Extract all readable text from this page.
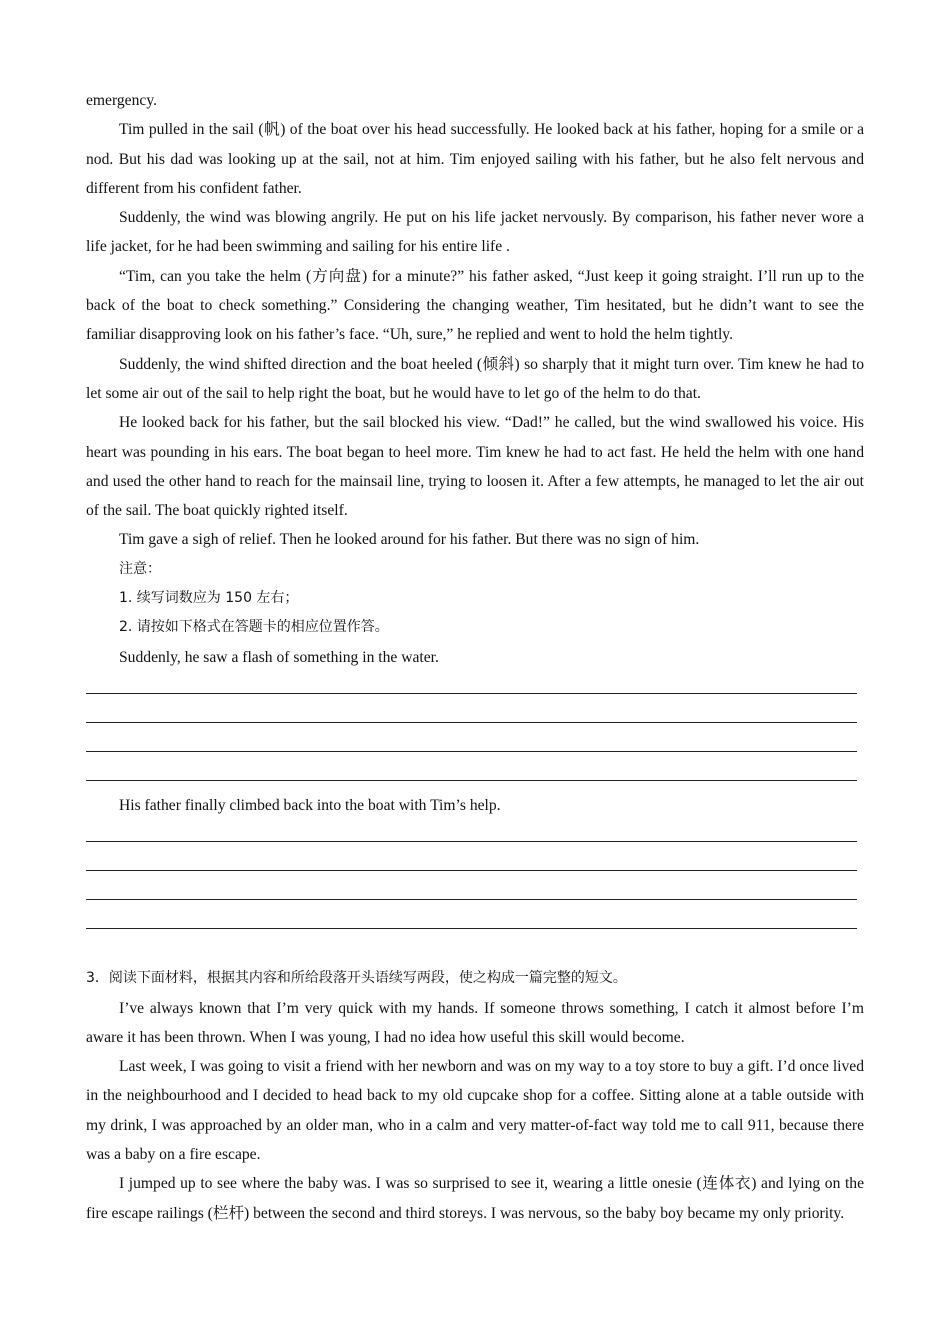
emergency.

Tim pulled in the sail (帆) of the boat over his head successfully. He looked back at his father, hoping for a smile or a nod. But his dad was looking up at the sail, not at him. Tim enjoyed sailing with his father, but he also felt nervous and different from his confident father.

Suddenly, the wind was blowing angrily. He put on his life jacket nervously. By comparison, his father never wore a life jacket, for he had been swimming and sailing for his entire life .

“Tim, can you take the helm (方向盘) for a minute?” his father asked, “Just keep it going straight. I’ll run up to the back of the boat to check something.” Considering the changing weather, Tim hesitated, but he didn’t want to see the familiar disapproving look on his father’s face. “Uh, sure,” he replied and went to hold the helm tightly.

Suddenly, the wind shifted direction and the boat heeled (倾斜) so sharply that it might turn over. Tim knew he had to let some air out of the sail to help right the boat, but he would have to let go of the helm to do that.

He looked back for his father, but the sail blocked his view. “Dad!” he called, but the wind swallowed his voice. His heart was pounding in his ears. The boat began to heel more. Tim knew he had to act fast. He held the helm with one hand and used the other hand to reach for the mainsail line, trying to loosen it. After a few attempts, he managed to let the air out of the sail. The boat quickly righted itself.

Tim gave a sigh of relief. Then he looked around for his father. But there was no sign of him.

注意：

1. 续写词数应为 150 左右；

2. 请按如下格式在答题卡的相应位置作答。

Suddenly, he saw a flash of something in the water.

His father finally climbed back into the boat with Tim’s help.

3．阅读下面材料，根据其内容和所给段落开头语续写两段，使之构成一篇完整的短文。

I’ve always known that I’m very quick with my hands. If someone throws something, I catch it almost before I’m aware it has been thrown. When I was young, I had no idea how useful this skill would become.

Last week, I was going to visit a friend with her newborn and was on my way to a toy store to buy a gift. I’d once lived in the neighbourhood and I decided to head back to my old cupcake shop for a coffee. Sitting alone at a table outside with my drink, I was approached by an older man, who in a calm and very matter-of-fact way told me to call 911, because there was a baby on a fire escape.

I jumped up to see where the baby was. I was so surprised to see it, wearing a little onesie (连体衣) and lying on the fire escape railings (栏杆) between the second and third storeys. I was nervous, so the baby boy became my only priority.
